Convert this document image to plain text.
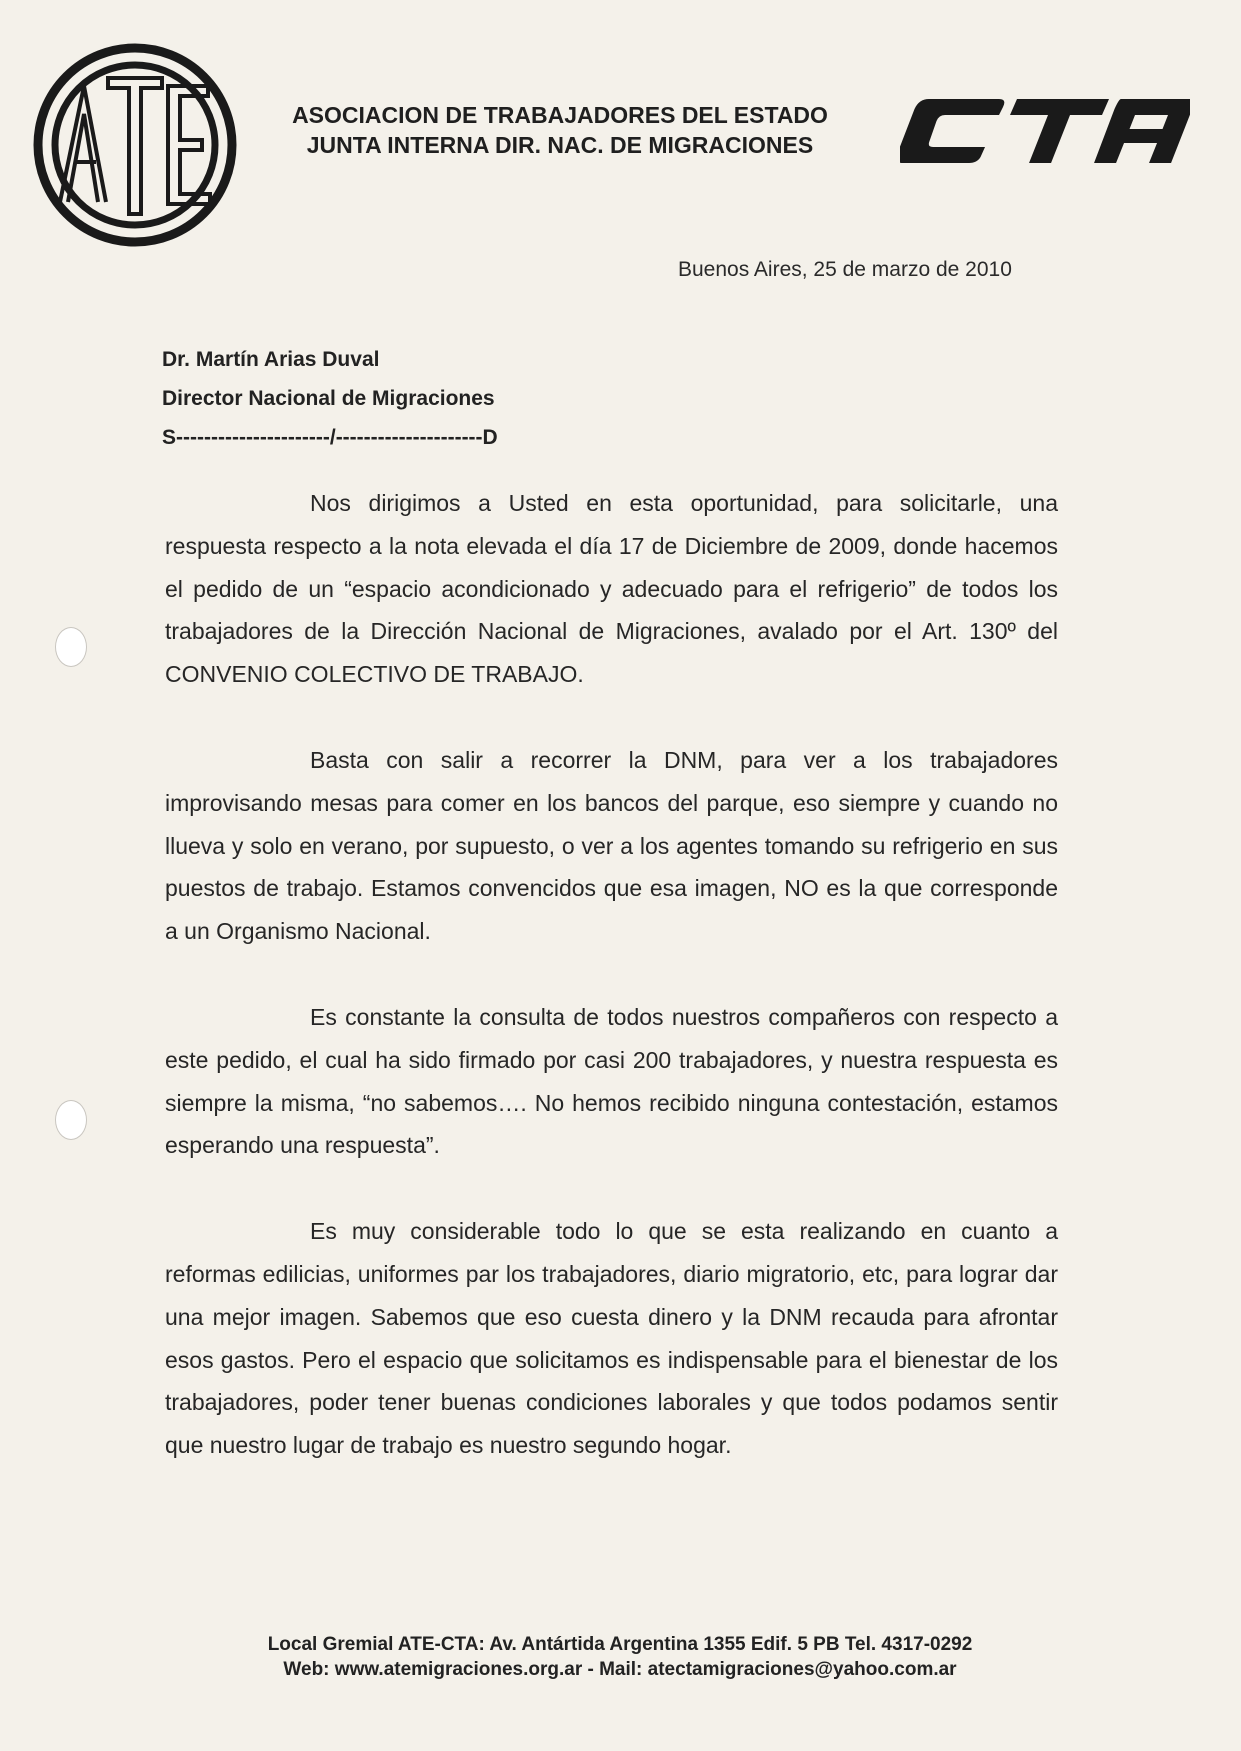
ASOCIACION DE TRABAJADORES DEL ESTADO
JUNTA INTERNA DIR. NAC. DE MIGRACIONES
Buenos Aires, 25 de marzo de 2010
Dr. Martín Arias Duval
Director Nacional de Migraciones
S----------------------/---------------------D

Nos dirigimos a Usted en esta oportunidad, para solicitarle, una respuesta respecto a la nota elevada el día 17 de Diciembre de 2009, donde hacemos el pedido de un “espacio acondicionado y adecuado para el refrigerio” de todos los trabajadores de la Dirección Nacional de Migraciones, avalado por el Art. 130º del CONVENIO COLECTIVO DE TRABAJO.

Basta con salir a recorrer la DNM, para ver a los trabajadores improvisando mesas para comer en los bancos del parque, eso siempre y cuando no llueva y solo en verano, por supuesto, o ver a los agentes tomando su refrigerio en sus puestos de trabajo. Estamos convencidos que esa imagen, NO es la que corresponde a un Organismo Nacional.

Es constante la consulta de todos nuestros compañeros con respecto a este pedido, el cual ha sido firmado por casi 200 trabajadores, y nuestra respuesta es siempre la misma, “no sabemos…. No hemos recibido ninguna contestación, estamos esperando una respuesta”.

Es muy considerable todo lo que se esta realizando en cuanto a reformas edilicias, uniformes par los trabajadores, diario migratorio, etc, para lograr dar una mejor imagen. Sabemos que eso cuesta dinero y la DNM recauda para afrontar esos gastos. Pero el espacio que solicitamos es indispensable para el bienestar de los trabajadores, poder tener buenas condiciones laborales y que todos podamos sentir que nuestro lugar de trabajo es nuestro segundo hogar.

Local Gremial ATE-CTA: Av. Antártida Argentina 1355 Edif. 5 PB Tel. 4317-0292
Web: www.atemigraciones.org.ar - Mail: atectamigraciones@yahoo.com.ar
